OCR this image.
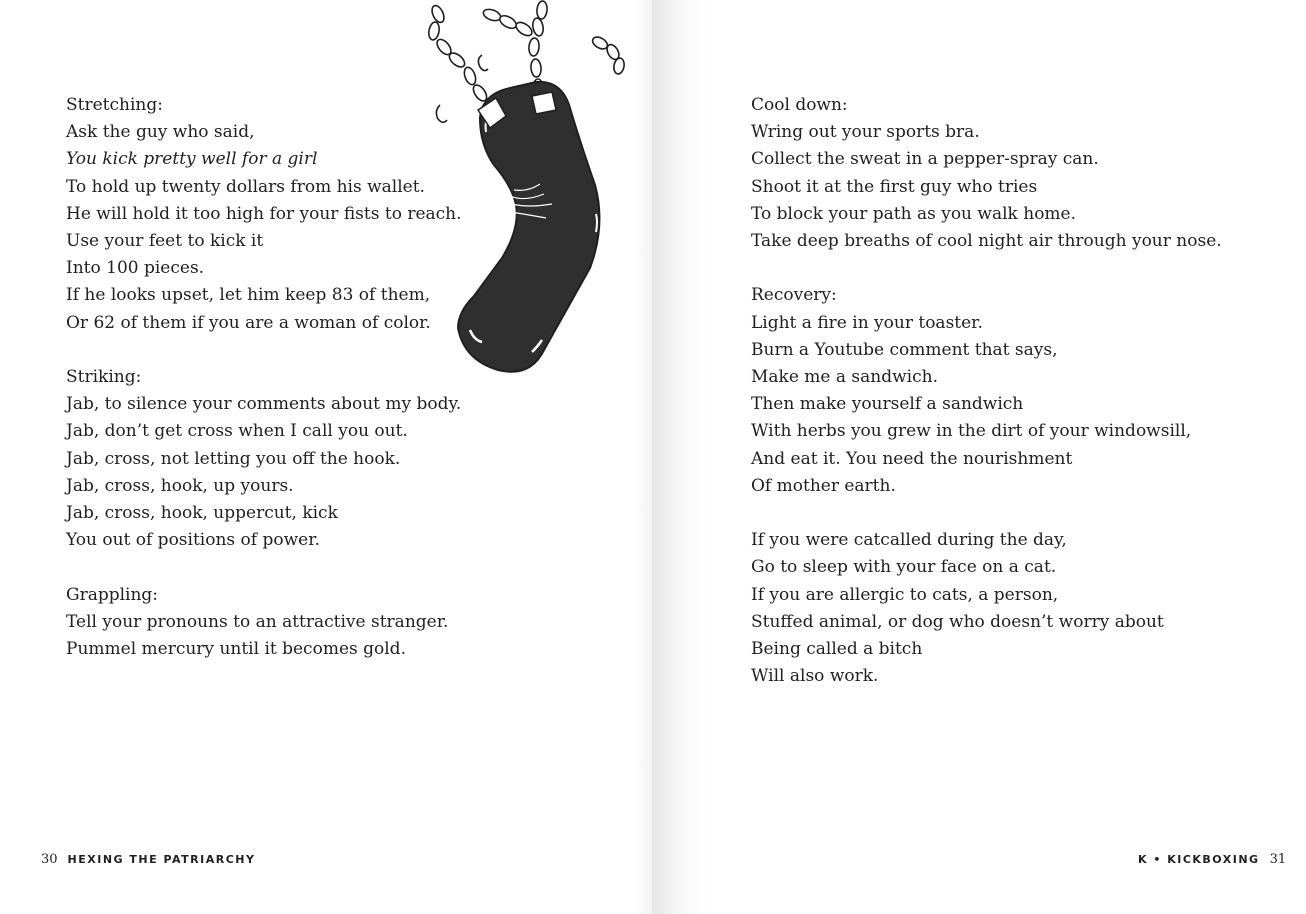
Stretching:

Ask the guy who said,

You kick pretty well for a girl

To hold up twenty dollars from his wallet.

He will hold it too high for your fists to reach.

Use your feet to kick it

Into 100 pieces.

If he looks upset, let him keep 83 of them,

Or 62 of them if you are a woman of color.

Striking:

Jab, to silence your comments about my body.

Jab, don’t get cross when I call you out.

Jab, cross, not letting you off the hook.

Jab, cross, hook, up yours.

Jab, cross, hook, uppercut, kick

You out of positions of power.

Grappling:

Tell your pronouns to an attractive stranger.

Pummel mercury until it becomes gold.

30 HEXING THE PATRIARCHY

Cool down:

Wring out your sports bra.

Collect the sweat in a pepper-spray can.

Shoot it at the first guy who tries

To block your path as you walk home.

Take deep breaths of cool night air through your nose.

Recovery:

Light a fire in your toaster.

Burn a Youtube comment that says,

Make me a sandwich.

Then make yourself a sandwich

With herbs you grew in the dirt of your windowsill,

And eat it. You need the nourishment

Of mother earth.

If you were catcalled during the day,

Go to sleep with your face on a cat.

If you are allergic to cats, a person,

Stuffed animal, or dog who doesn’t worry about

Being called a bitch

Will also work.

K • KICKBOXING 31
